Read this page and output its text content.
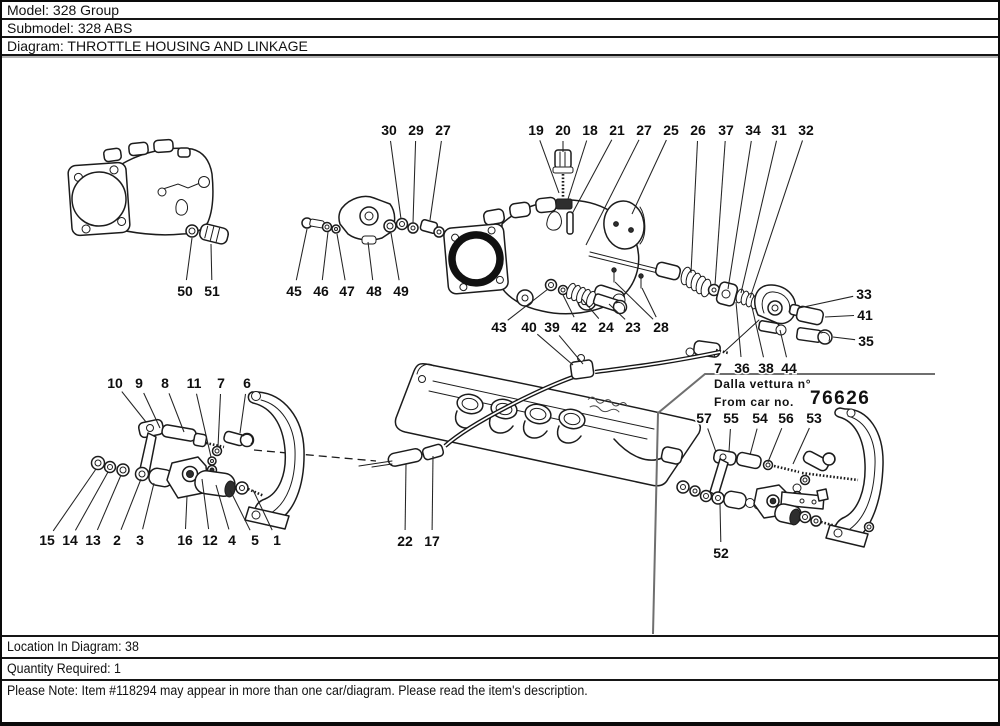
Model: 328 Group
Submodel: 328 ABS
Diagram: THROTTLE HOUSING AND LINKAGE
Dalla vettura n°
From car no. 76626
30 29 27	19 20 18 21 27 25 26 37 34 31 32
50 51	45 46 47 48 49
43 40 39 42 24 23 28
33
41
35
7 36 38 44
22 17
10 9 8 11 7 6
15 14 13 2 3 16 12 4 5 1
57 55 54 56 53
52
Location In Diagram: 38
Quantity Required: 1
Please Note: Item #118294 may appear in more than one car/diagram. Please read the item's description.
